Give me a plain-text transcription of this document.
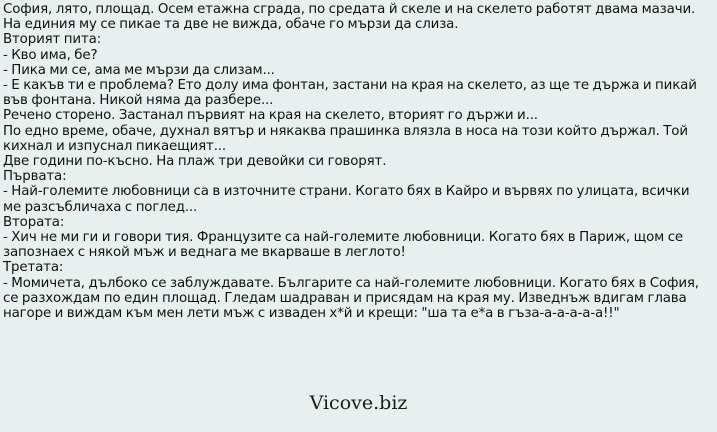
София, лято, площад. Осем етажна сграда, по средата й скеле и на скелето работят двама мазачи. На единия му се пикае та две не вижда, обаче го мързи да слиза.

Вторият пита:

- Кво има, бе?

- Пика ми се, ама ме мързи да слизам...

- Е какъв ти е проблема? Ето долу има фонтан, застани на края на скелето, аз ще те държа и пикай във фонтана. Никой няма да разбере...

Речено сторено. Застанал първият на края на скелето, вторият го държи и...

По едно време, обаче, духнал вятър и някаква прашинка влязла в носа на този който държал. Той кихнал и изпуснал пикаещият...

Две години по-късно. На плаж три девойки си говорят.

Първата:

- Най-големите любовници са в източните страни. Когато бях в Кайро и вървях по улицата, всички ме разсъбличаха с поглед...

Втората:

- Хич не ми ги и говори тия. Французите са най-големите любовници. Когато бях в Париж, щом се запознаех с някой мъж и веднага ме вкарваше в леглото!

Третата:

- Момичета, дълбоко се заблуждавате. Българите са най-големите любовници. Когато бях в София, се разхождам по един площад. Гледам шадраван и присядам на края му. Изведнъж вдигам глава нагоре и виждам към мен лети мъж с изваден х*й и крещи: "ша та е*а в гъза-а-а-а-а-а!!"

Vicove.biz
